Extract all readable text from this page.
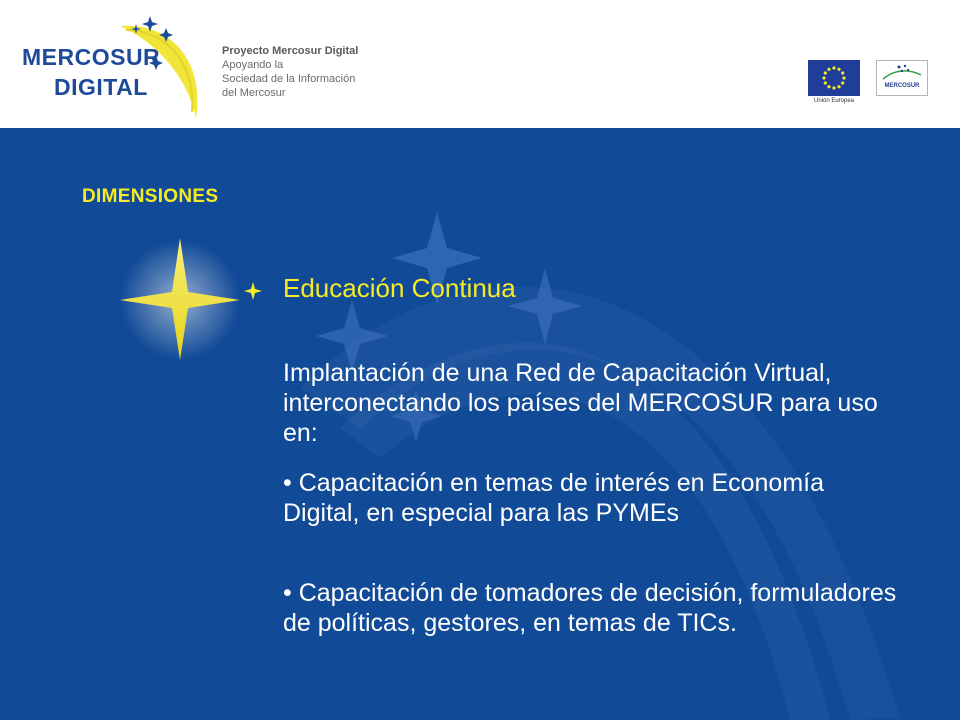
MERCOSUR
DIGITAL
Proyecto Mercosur Digital
Apoyando la
Sociedad de la Información
del Mercosur
Unión Europea
MERCOSUR
DIMENSIONES
Educación Continua
Implantación de una Red de Capacitación Virtual, interconectando los países del MERCOSUR para uso en:
• Capacitación en temas de interés en Economía Digital, en especial para las PYMEs
• Capacitación de tomadores de decisión, formuladores de políticas, gestores, en temas de TICs.
